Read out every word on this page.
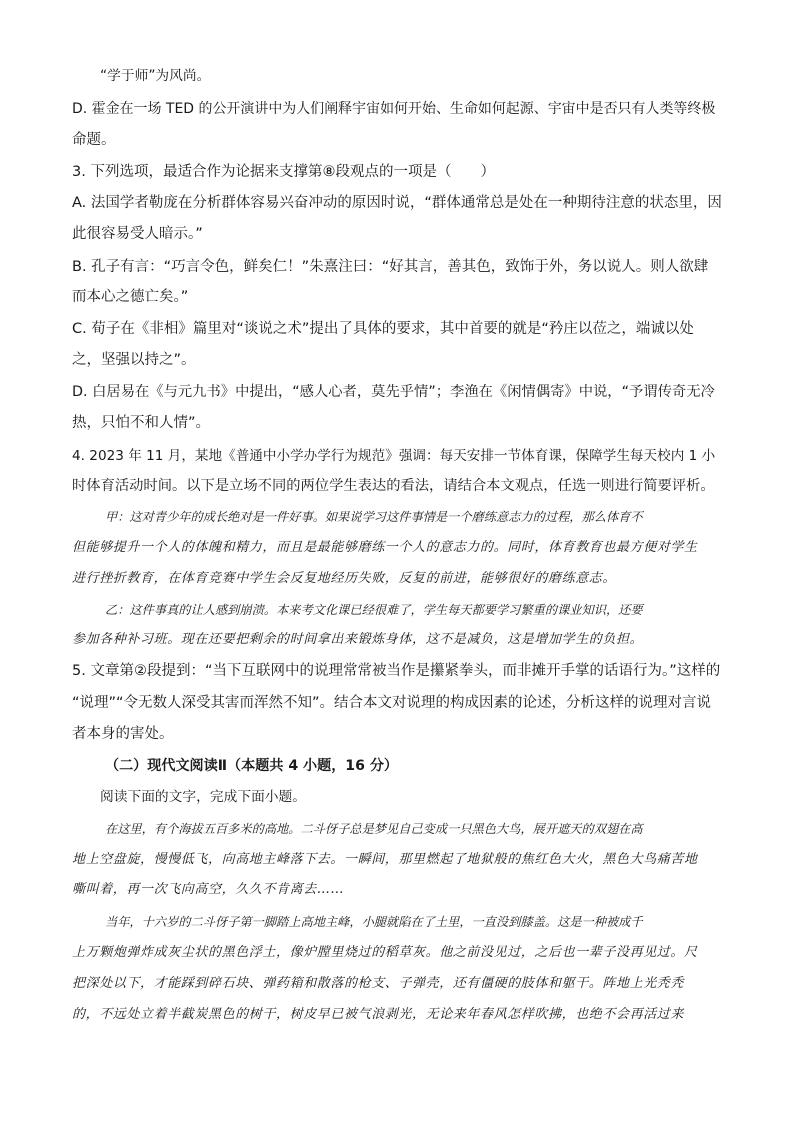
“学于师”为风尚。
D. 霍金在一场 TED 的公开演讲中为人们阐释宇宙如何开始、生命如何起源、宇宙中是否只有人类等终极
命题。
3. 下列选项，最适合作为论据来支撑第⑧段观点的一项是（　　）
A. 法国学者勒庞在分析群体容易兴奋冲动的原因时说，“群体通常总是处在一种期待注意的状态里，因
此很容易受人暗示。”
B. 孔子有言：“巧言令色，鲜矣仁！”朱熹注曰：“好其言，善其色，致饰于外，务以说人。则人欲肆
而本心之德亡矣。”
C. 荀子在《非相》篇里对“谈说之术”提出了具体的要求，其中首要的就是“矜庄以莅之，端诚以处
之，坚强以持之”。
D. 白居易在《与元九书》中提出，“感人心者，莫先乎情”；李渔在《闲情偶寄》中说，“予谓传奇无冷
热，只怕不和人情”。
4. 2023 年 11 月，某地《普通中小学办学行为规范》强调：每天安排一节体育课，保障学生每天校内 1 小
时体育活动时间。以下是立场不同的两位学生表达的看法，请结合本文观点，任选一则进行简要评析。
甲：这对青少年的成长绝对是一件好事。如果说学习这件事情是一个磨练意志力的过程，那么体育不
但能够提升一个人的体魄和精力，而且是最能够磨练一个人的意志力的。同时，体育教育也最方便对学生
进行挫折教育，在体育竞赛中学生会反复地经历失败，反复的前进，能够很好的磨练意志。
乙：这件事真的让人感到崩溃。本来考文化课已经很难了，学生每天都要学习繁重的课业知识，还要
参加各种补习班。现在还要把剩余的时间拿出来锻炼身体，这不是减负，这是增加学生的负担。
5. 文章第②段提到：“当下互联网中的说理常常被当作是攥紧拳头，而非摊开手掌的话语行为。”这样的
“说理”“令无数人深受其害而浑然不知”。结合本文对说理的构成因素的论述，分析这样的说理对言说
者本身的害处。
（二）现代文阅读Ⅱ（本题共 4 小题，16 分）
阅读下面的文字，完成下面小题。
在这里，有个海拔五百多米的高地。二斗伢子总是梦见自己变成一只黑色大鸟，展开遮天的双翅在高
地上空盘旋，慢慢低飞，向高地主峰落下去。一瞬间，那里燃起了地狱般的焦红色大火，黑色大鸟痛苦地
嘶叫着，再一次飞向高空，久久不肯离去……
当年，十六岁的二斗伢子第一脚踏上高地主峰，小腿就陷在了土里，一直没到膝盖。这是一种被成千
上万颗炮弹炸成灰尘状的黑色浮土，像炉膛里烧过的稻草灰。他之前没见过，之后也一辈子没再见过。尺
把深处以下，才能踩到碎石块、弹药箱和散落的枪支、子弹壳，还有僵硬的肢体和躯干。阵地上光秃秃
的，不远处立着半截炭黑色的树干，树皮早已被气浪剥光，无论来年春风怎样吹拂，也绝不会再活过来
